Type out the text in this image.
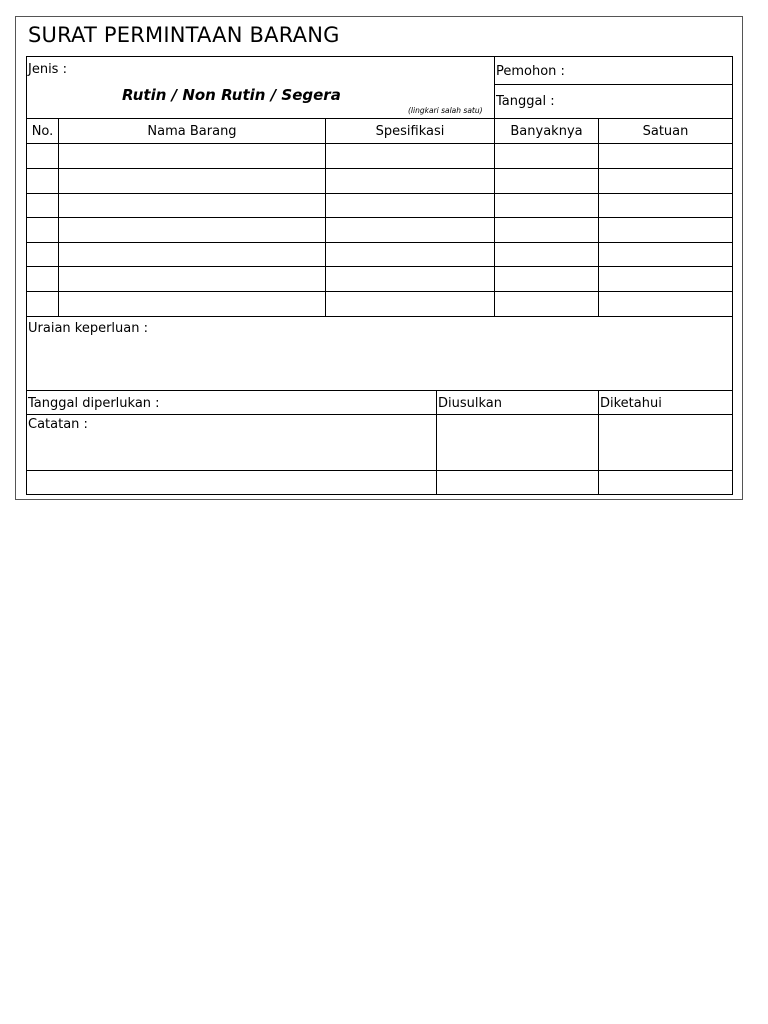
SURAT PERMINTAAN BARANG
Jenis :
Rutin / Non Rutin / Segera
(lingkari salah satu)
Pemohon :
Tanggal :
No.	Nama Barang	Spesifikasi	Banyaknya	Satuan
Uraian keperluan :
Tanggal diperlukan :	Diusulkan	Diketahui
Catatan :
